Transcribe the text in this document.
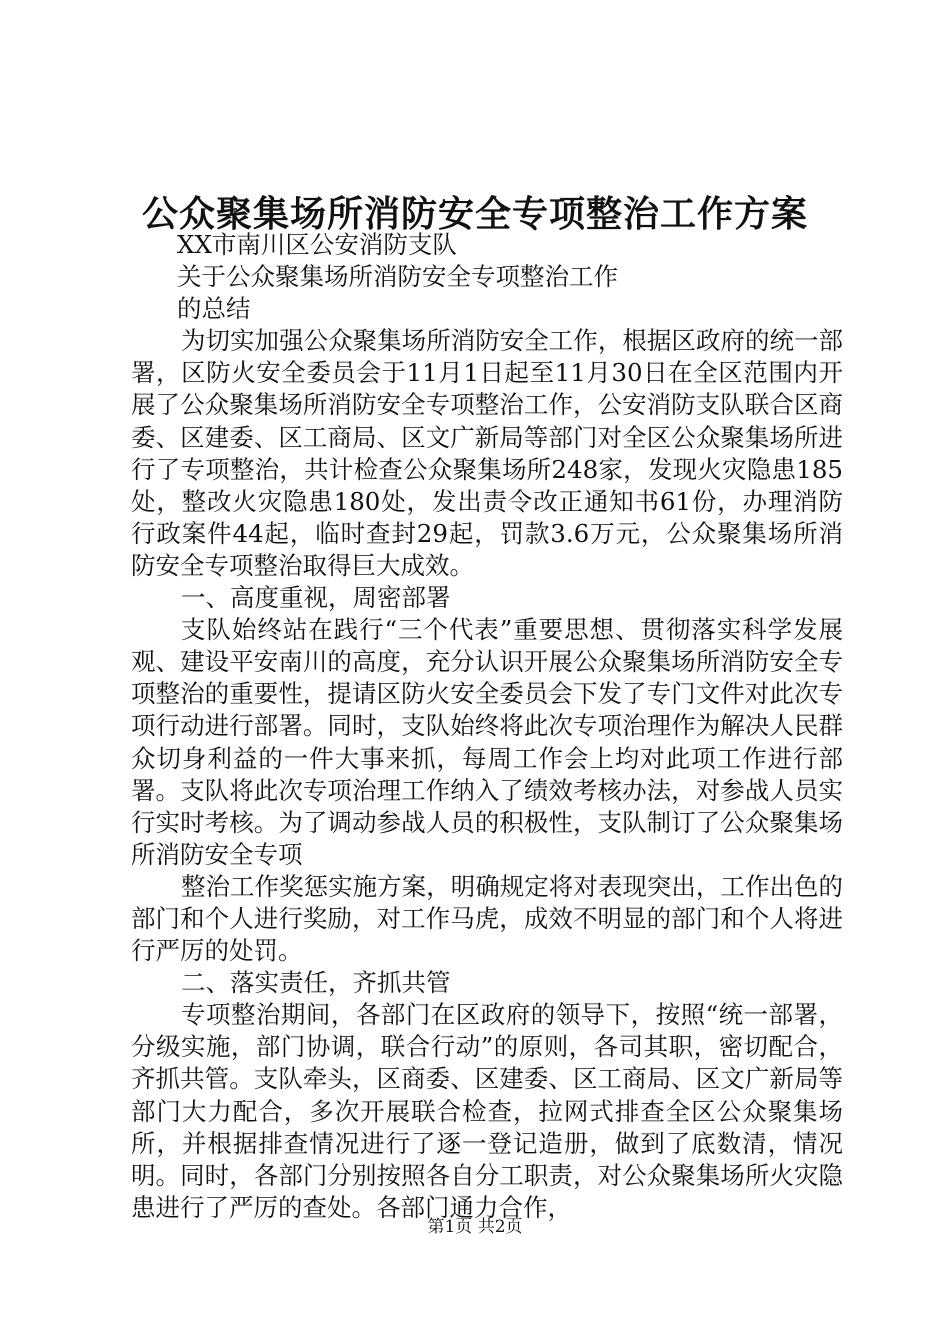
公众聚集场所消防安全专项整治工作方案

XX市南川区公安消防支队

关于公众聚集场所消防安全专项整治工作

的总结

为切实加强公众聚集场所消防安全工作，根据区政府的统一部署，区防火安全委员会于11月1日起至11月30日在全区范围内开展了公众聚集场所消防安全专项整治工作，公安消防支队联合区商委、区建委、区工商局、区文广新局等部门对全区公众聚集场所进行了专项整治，共计检查公众聚集场所248家，发现火灾隐患185处，整改火灾隐患180处，发出责令改正通知书61份，办理消防行政案件44起，临时查封29起，罚款3.6万元，公众聚集场所消防安全专项整治取得巨大成效。

一、高度重视，周密部署

支队始终站在践行“三个代表”重要思想、贯彻落实科学发展观、建设平安南川的高度，充分认识开展公众聚集场所消防安全专项整治的重要性，提请区防火安全委员会下发了专门文件对此次专项行动进行部署。同时，支队始终将此次专项治理作为解决人民群众切身利益的一件大事来抓，每周工作会上均对此项工作进行部署。支队将此次专项治理工作纳入了绩效考核办法，对参战人员实行实时考核。为了调动参战人员的积极性，支队制订了公众聚集场所消防安全专项

整治工作奖惩实施方案，明确规定将对表现突出，工作出色的部门和个人进行奖励，对工作马虎，成效不明显的部门和个人将进行严厉的处罚。

二、落实责任，齐抓共管

专项整治期间，各部门在区政府的领导下，按照“统一部署，分级实施，部门协调，联合行动”的原则，各司其职，密切配合，齐抓共管。支队牵头，区商委、区建委、区工商局、区文广新局等部门大力配合，多次开展联合检查，拉网式排查全区公众聚集场所，并根据排查情况进行了逐一登记造册，做到了底数清，情况明。同时，各部门分别按照各自分工职责，对公众聚集场所火灾隐患进行了严厉的查处。各部门通力合作，

第1页 共2页
